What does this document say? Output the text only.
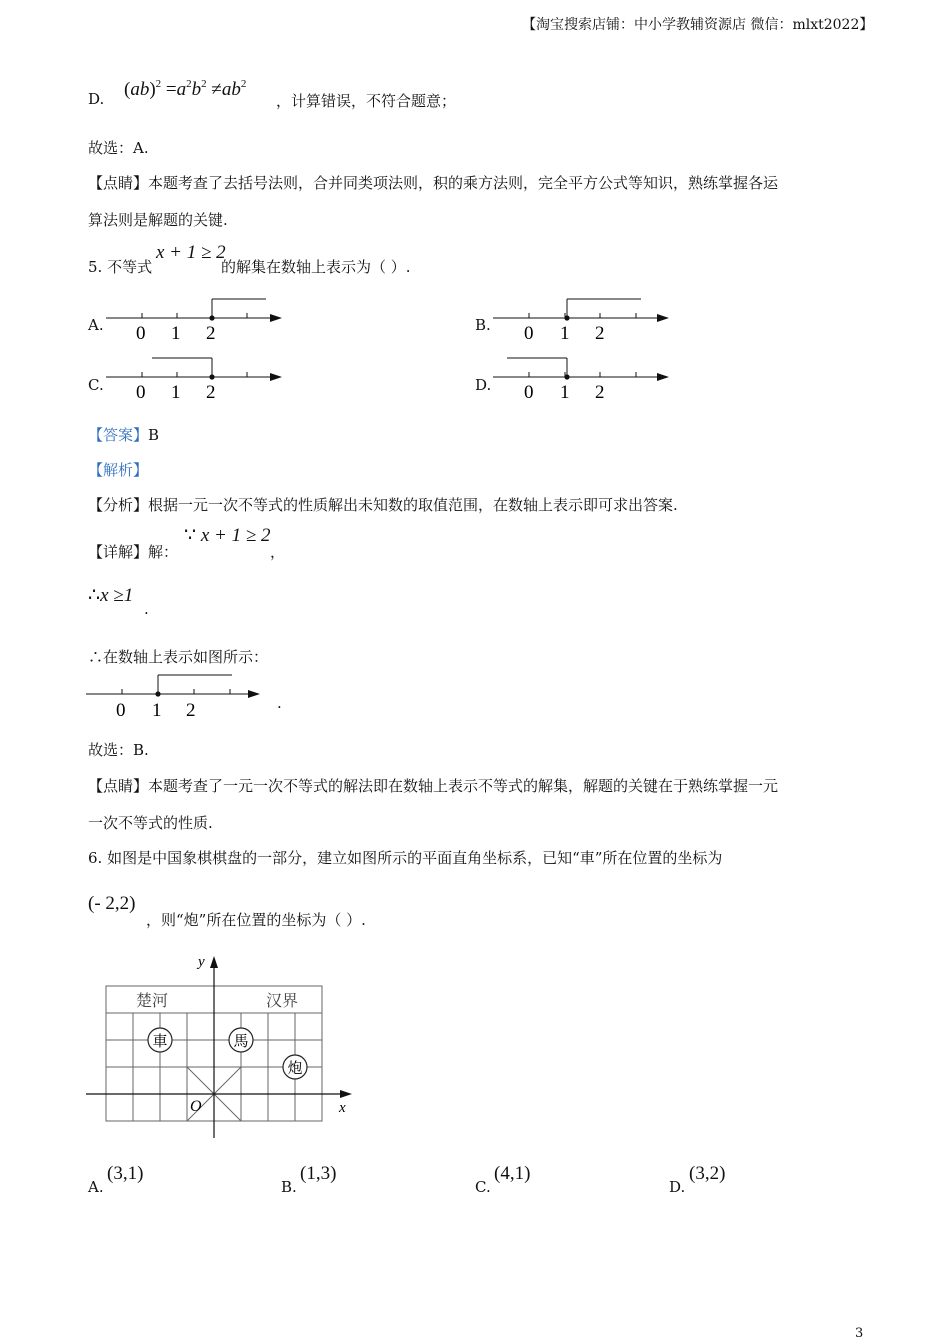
【淘宝搜索店铺：中小学教辅资源店 微信：mlxt2022】
D. $(ab)^2 =a^2b^2 \ne ab^2$
，计算错误，不符合题意；
故选：A.
【点睛】本题考查了去括号法则，合并同类项法则，积的乘方法则，完全平方公式等知识，熟练掌握各运
算法则是解题的关键.
5. 不等式
x + 1 ≥ 2
的解集在数轴上表示为（ ）.
A. 0 1 2	B. 0 1 2
C. 0 1 2	D. 0 1 2
【答案】B
【解析】
【分析】根据一元一次不等式的性质解出未知数的取值范围，在数轴上表示即可求出答案.
【详解】解：
∵ x + 1 ≥ 2
，
∴x ≥1
.
∴在数轴上表示如图所示：
0 1 2	.
故选：B.
【点睛】本题考查了一元一次不等式的解法即在数轴上表示不等式的解集，解题的关键在于熟练掌握一元
一次不等式的性质.
6. 如图是中国象棋棋盘的一部分，建立如图所示的平面直角坐标系，已知“車”所在位置的坐标为
(- 2,2)
，则“炮”所在位置的坐标为（ ）.
y
x
O
楚河	汉界
車	馬
炮
A.
(3,1)
B.
(1,3)
C.
(4,1)
D.
(3,2)
3
